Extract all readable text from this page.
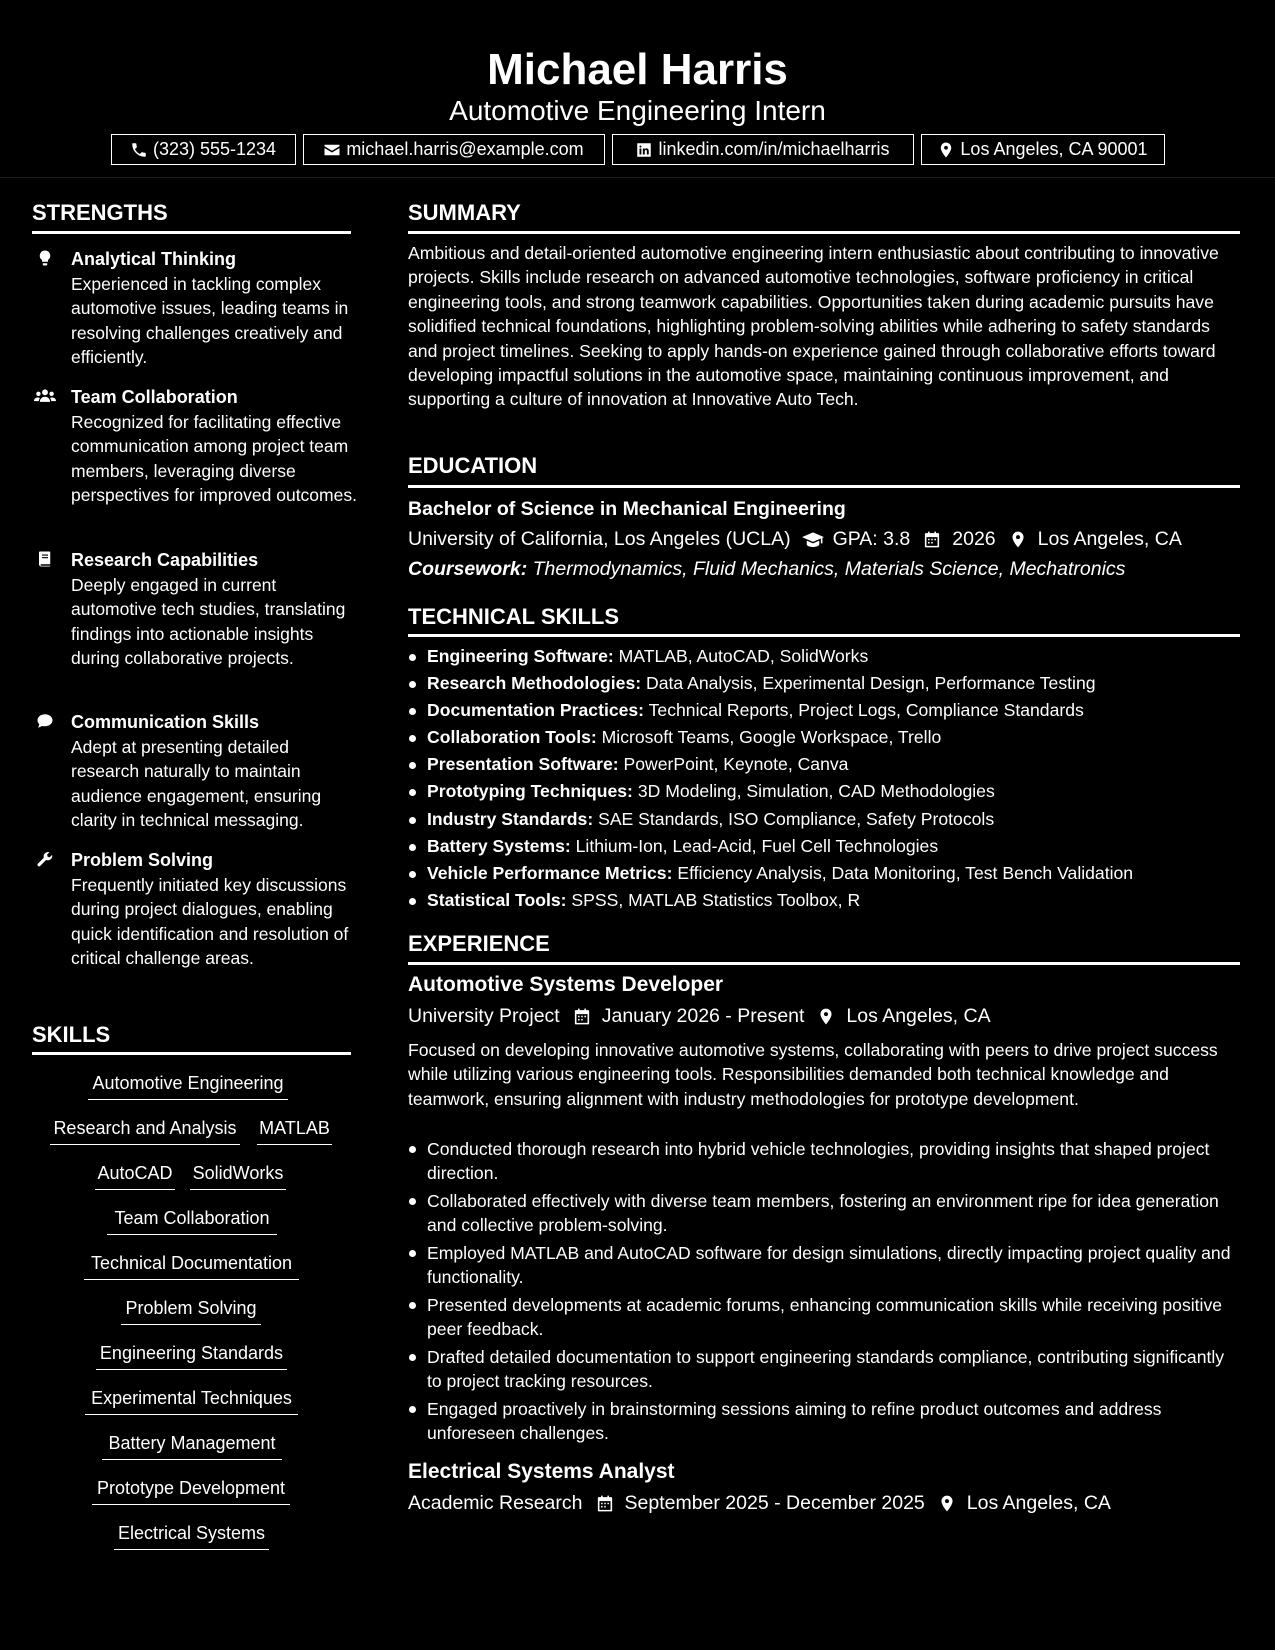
Michael Harris
Automotive Engineering Intern
(323) 555-1234	michael.harris@example.com	linkedin.com/in/michaelharris	Los Angeles, CA 90001
STRENGTHS
Analytical Thinking
Experienced in tackling complex automotive issues, leading teams in resolving challenges creatively and efficiently.
Team Collaboration
Recognized for facilitating effective communication among project team members, leveraging diverse perspectives for improved outcomes.
Research Capabilities
Deeply engaged in current automotive tech studies, translating findings into actionable insights during collaborative projects.
Communication Skills
Adept at presenting detailed research naturally to maintain audience engagement, ensuring clarity in technical messaging.
Problem Solving
Frequently initiated key discussions during project dialogues, enabling quick identification and resolution of critical challenge areas.
SKILLS
Automotive Engineering
Research and Analysis MATLAB
AutoCAD SolidWorks
Team Collaboration
Technical Documentation
Problem Solving
Engineering Standards
Experimental Techniques
Battery Management
Prototype Development
Electrical Systems
SUMMARY
Ambitious and detail-oriented automotive engineering intern enthusiastic about contributing to innovative projects. Skills include research on advanced automotive technologies, software proficiency in critical engineering tools, and strong teamwork capabilities. Opportunities taken during academic pursuits have solidified technical foundations, highlighting problem-solving abilities while adhering to safety standards and project timelines. Seeking to apply hands-on experience gained through collaborative efforts toward developing impactful solutions in the automotive space, maintaining continuous improvement, and supporting a culture of innovation at Innovative Auto Tech.
EDUCATION
Bachelor of Science in Mechanical Engineering
University of California, Los Angeles (UCLA) GPA: 3.8 2026 Los Angeles, CA
Coursework: Thermodynamics, Fluid Mechanics, Materials Science, Mechatronics
TECHNICAL SKILLS
Engineering Software: MATLAB, AutoCAD, SolidWorks
Research Methodologies: Data Analysis, Experimental Design, Performance Testing
Documentation Practices: Technical Reports, Project Logs, Compliance Standards
Collaboration Tools: Microsoft Teams, Google Workspace, Trello
Presentation Software: PowerPoint, Keynote, Canva
Prototyping Techniques: 3D Modeling, Simulation, CAD Methodologies
Industry Standards: SAE Standards, ISO Compliance, Safety Protocols
Battery Systems: Lithium-Ion, Lead-Acid, Fuel Cell Technologies
Vehicle Performance Metrics: Efficiency Analysis, Data Monitoring, Test Bench Validation
Statistical Tools: SPSS, MATLAB Statistics Toolbox, R
EXPERIENCE
Automotive Systems Developer
University Project January 2026 - Present Los Angeles, CA
Focused on developing innovative automotive systems, collaborating with peers to drive project success while utilizing various engineering tools. Responsibilities demanded both technical knowledge and teamwork, ensuring alignment with industry methodologies for prototype development.
Conducted thorough research into hybrid vehicle technologies, providing insights that shaped project direction.
Collaborated effectively with diverse team members, fostering an environment ripe for idea generation and collective problem-solving.
Employed MATLAB and AutoCAD software for design simulations, directly impacting project quality and functionality.
Presented developments at academic forums, enhancing communication skills while receiving positive peer feedback.
Drafted detailed documentation to support engineering standards compliance, contributing significantly to project tracking resources.
Engaged proactively in brainstorming sessions aiming to refine product outcomes and address unforeseen challenges.
Electrical Systems Analyst
Academic Research September 2025 - December 2025 Los Angeles, CA
